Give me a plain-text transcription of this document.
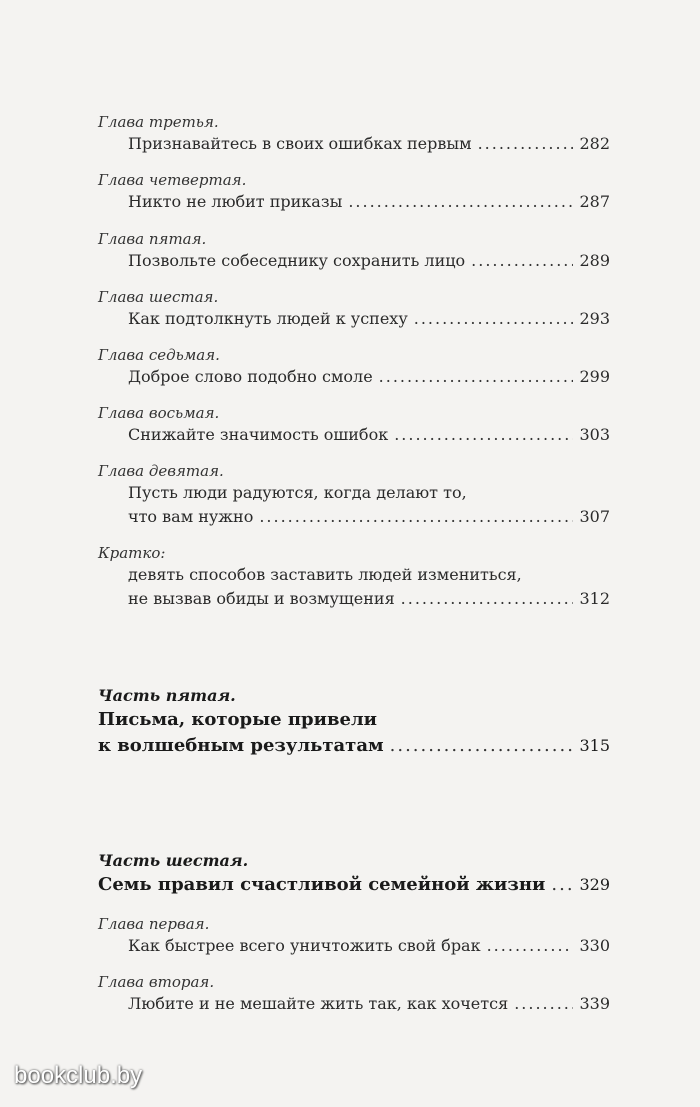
Глава третья.
Признавайтесь в своих ошибках первым .....	282
Глава четвертая.
Никто не любит приказы .....	287
Глава пятая.
Позвольте собеседнику сохранить лицо .....	289
Глава шестая.
Как подтолкнуть людей к успеху .....	293
Глава седьмая.
Доброе слово подобно смоле .....	299
Глава восьмая.
Снижайте значимость ошибок .....	303
Глава девятая.
Пусть люди радуются, когда делают то,
что вам нужно .....	307
Кратко:
девять способов заставить людей измениться,
не вызвав обиды и возмущения .....	312
Часть пятая.
Письма, которые привели
к волшебным результатам .....	315
Часть шестая.
Семь правил счастливой семейной жизни ..... 329
Глава первая.
Как быстрее всего уничтожить свой брак .....	330
Глава вторая.
Любите и не мешайте жить так, как хочется .....	339
bookclub.by
